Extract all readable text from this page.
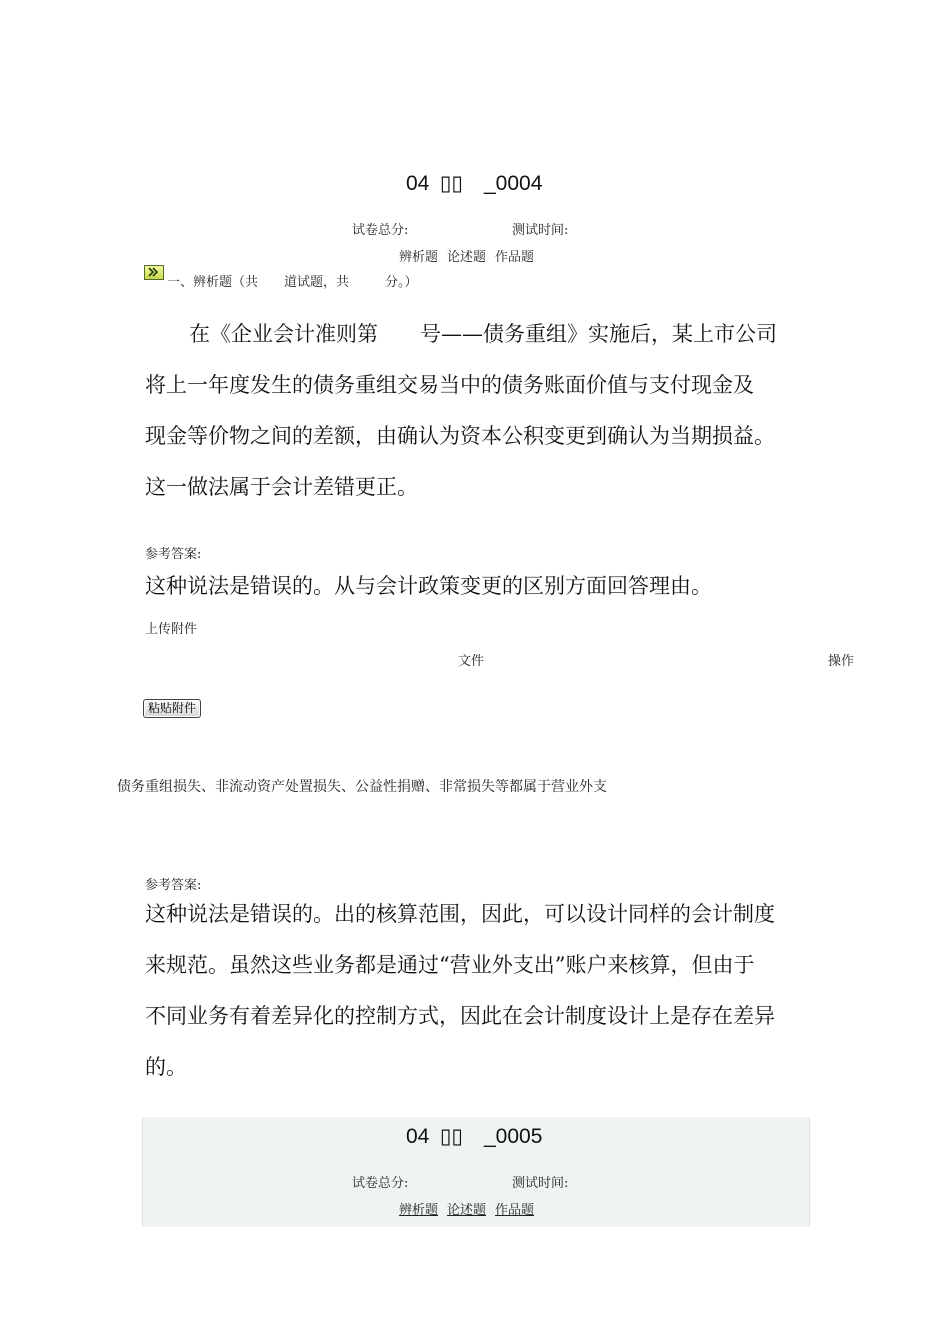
04 ▯▯ _0004
试卷总分:	测试时间:
辨析题 论述题 作品题
一、辨析题（共 道试题，共	分。）
在《企业会计准则第　　号——债务重组》实施后，某上市公司
将上一年度发生的债务重组交易当中的债务账面价值与支付现金及
现金等价物之间的差额，由确认为资本公积变更到确认为当期损益。
这一做法属于会计差错更正。
参考答案:
这种说法是错误的。从与会计政策变更的区别方面回答理由。
上传附件
文件	操作
粘贴附件
债务重组损失、非流动资产处置损失、公益性捐赠、非常损失等都属于营业外支
参考答案:
这种说法是错误的。出的核算范围，因此，可以设计同样的会计制度
来规范。虽然这些业务都是通过“营业外支出”账户来核算，但由于
不同业务有着差异化的控制方式，因此在会计制度设计上是存在差异
的。
04 ▯▯ _0005
试卷总分:	测试时间:
辨析题 论述题 作品题
